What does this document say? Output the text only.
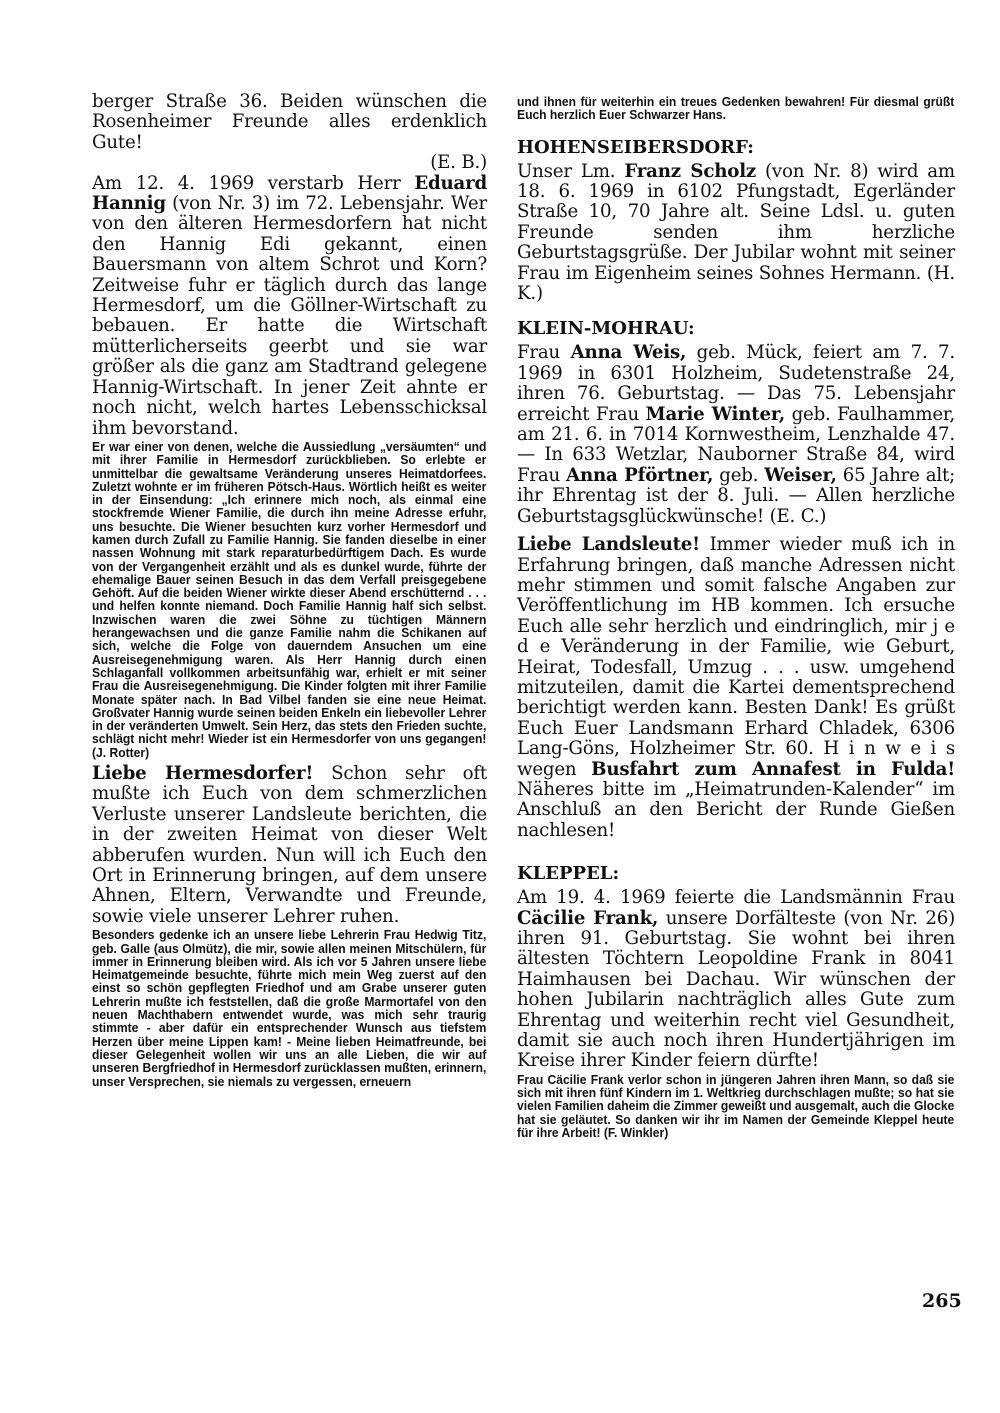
berger Straße 36. Beiden wünschen die Rosenheimer Freunde alles erdenklich Gute!
(E. B.)

Am 12. 4. 1969 verstarb Herr Eduard Hannig (von Nr. 3) im 72. Lebensjahr. Wer von den älteren Hermesdorfern hat nicht den Hannig Edi gekannt, einen Bauersmann von altem Schrot und Korn? Zeitweise fuhr er täglich durch das lange Hermesdorf, um die Göllner-Wirtschaft zu bebauen. Er hatte die Wirtschaft mütterlicherseits geerbt und sie war größer als die ganz am Stadtrand gelegene Hannig-Wirtschaft. In jener Zeit ahnte er noch nicht, welch hartes Lebensschicksal ihm bevorstand.

Er war einer von denen, welche die Aussiedlung „versäumten“ und mit ihrer Familie in Hermesdorf zurückblieben. So erlebte er unmittelbar die gewaltsame Veränderung unseres Heimatdorfees. Zuletzt wohnte er im früheren Pötsch-Haus. Wörtlich heißt es weiter in der Einsendung: „Ich erinnere mich noch, als einmal eine stockfremde Wiener Familie, die durch ihn meine Adresse erfuhr, uns besuchte. Die Wiener besuchten kurz vorher Hermesdorf und kamen durch Zufall zu Familie Hannig. Sie fanden dieselbe in einer nassen Wohnung mit stark reparaturbedürftigem Dach. Es wurde von der Vergangenheit erzählt und als es dunkel wurde, führte der ehemalige Bauer seinen Besuch in das dem Verfall preisgegebene Gehöft. Auf die beiden Wiener wirkte dieser Abend erschütternd . . . und helfen konnte niemand. Doch Familie Hannig half sich selbst. Inzwischen waren die zwei Söhne zu tüchtigen Männern herangewachsen und die ganze Familie nahm die Schikanen auf sich, welche die Folge von dauerndem Ansuchen um eine Ausreisegenehmigung waren. Als Herr Hannig durch einen Schlaganfall vollkommen arbeitsunfähig war, erhielt er mit seiner Frau die Ausreisegenehmigung. Die Kinder folgten mit ihrer Familie Monate später nach. In Bad Vilbel fanden sie eine neue Heimat. Großvater Hannig wurde seinen beiden Enkeln ein liebevoller Lehrer in der veränderten Umwelt. Sein Herz, das stets den Frieden suchte, schlägt nicht mehr! Wieder ist ein Hermesdorfer von uns gegangen! (J. Rotter)

Liebe Hermesdorfer! Schon sehr oft mußte ich Euch von dem schmerzlichen Verluste unserer Landsleute berichten, die in der zweiten Heimat von dieser Welt abberufen wurden. Nun will ich Euch den Ort in Erinnerung bringen, auf dem unsere Ahnen, Eltern, Verwandte und Freunde, sowie viele unserer Lehrer ruhen.

Besonders gedenke ich an unsere liebe Lehrerin Frau Hedwig Titz, geb. Galle (aus Olmütz), die mir, sowie allen meinen Mitschülern, für immer in Erinnerung bleiben wird. Als ich vor 5 Jahren unsere liebe Heimatgemeinde besuchte, führte mich mein Weg zuerst auf den einst so schön gepflegten Friedhof und am Grabe unserer guten Lehrerin mußte ich feststellen, daß die große Marmortafel von den neuen Machthabern entwendet wurde, was mich sehr traurig stimmte - aber dafür ein entsprechender Wunsch aus tiefstem Herzen über meine Lippen kam! - Meine lieben Heimatfreunde, bei dieser Gelegenheit wollen wir uns an alle Lieben, die wir auf unseren Bergfriedhof in Hermesdorf zurücklassen mußten, erinnern, unser Versprechen, sie niemals zu vergessen, erneuern

und ihnen für weiterhin ein treues Gedenken bewahren! Für diesmal grüßt Euch herzlich Euer Schwarzer Hans.

HOHENSEIBERSDORF:

Unser Lm. Franz Scholz (von Nr. 8) wird am 18. 6. 1969 in 6102 Pfungstadt, Egerländer Straße 10, 70 Jahre alt. Seine Ldsl. u. guten Freunde senden ihm herzliche Geburtstagsgrüße. Der Jubilar wohnt mit seiner Frau im Eigenheim seines Sohnes Hermann. (H. K.)

KLEIN-MOHRAU:

Frau Anna Weis, geb. Mück, feiert am 7. 7. 1969 in 6301 Holzheim, Sudetenstraße 24, ihren 76. Geburtstag. — Das 75. Lebensjahr erreicht Frau Marie Winter, geb. Faulhammer, am 21. 6. in 7014 Kornwestheim, Lenzhalde 47. — In 633 Wetzlar, Nauborner Straße 84, wird Frau Anna Pförtner, geb. Weiser, 65 Jahre alt; ihr Ehrentag ist der 8. Juli. — Allen herzliche Geburtstagsglückwünsche! (E. C.)

Liebe Landsleute! Immer wieder muß ich in Erfahrung bringen, daß manche Adressen nicht mehr stimmen und somit falsche Angaben zur Veröffentlichung im HB kommen. Ich ersuche Euch alle sehr herzlich und eindringlich, mir j e d e Veränderung in der Familie, wie Geburt, Heirat, Todesfall, Umzug . . . usw. umgehend mitzuteilen, damit die Kartei dementsprechend berichtigt werden kann. Besten Dank! Es grüßt Euch Euer Landsmann Erhard Chladek, 6306 Lang-Göns, Holzheimer Str. 60. H i n w e i s wegen Busfahrt zum Annafest in Fulda! Näheres bitte im „Heimatrunden-Kalender“ im Anschluß an den Bericht der Runde Gießen nachlesen!

KLEPPEL:

Am 19. 4. 1969 feierte die Landsmännin Frau Cäcilie Frank, unsere Dorfälteste (von Nr. 26) ihren 91. Geburtstag. Sie wohnt bei ihren ältesten Töchtern Leopoldine Frank in 8041 Haimhausen bei Dachau. Wir wünschen der hohen Jubilarin nachträglich alles Gute zum Ehrentag und weiterhin recht viel Gesundheit, damit sie auch noch ihren Hundertjährigen im Kreise ihrer Kinder feiern dürfte!

Frau Cäcilie Frank verlor schon in jüngeren Jahren ihren Mann, so daß sie sich mit ihren fünf Kindern im 1. Weltkrieg durchschlagen mußte; so hat sie vielen Familien daheim die Zimmer geweißt und ausgemalt, auch die Glocke hat sie geläutet. So danken wir ihr im Namen der Gemeinde Kleppel heute für ihre Arbeit! (F. Winkler)

265
